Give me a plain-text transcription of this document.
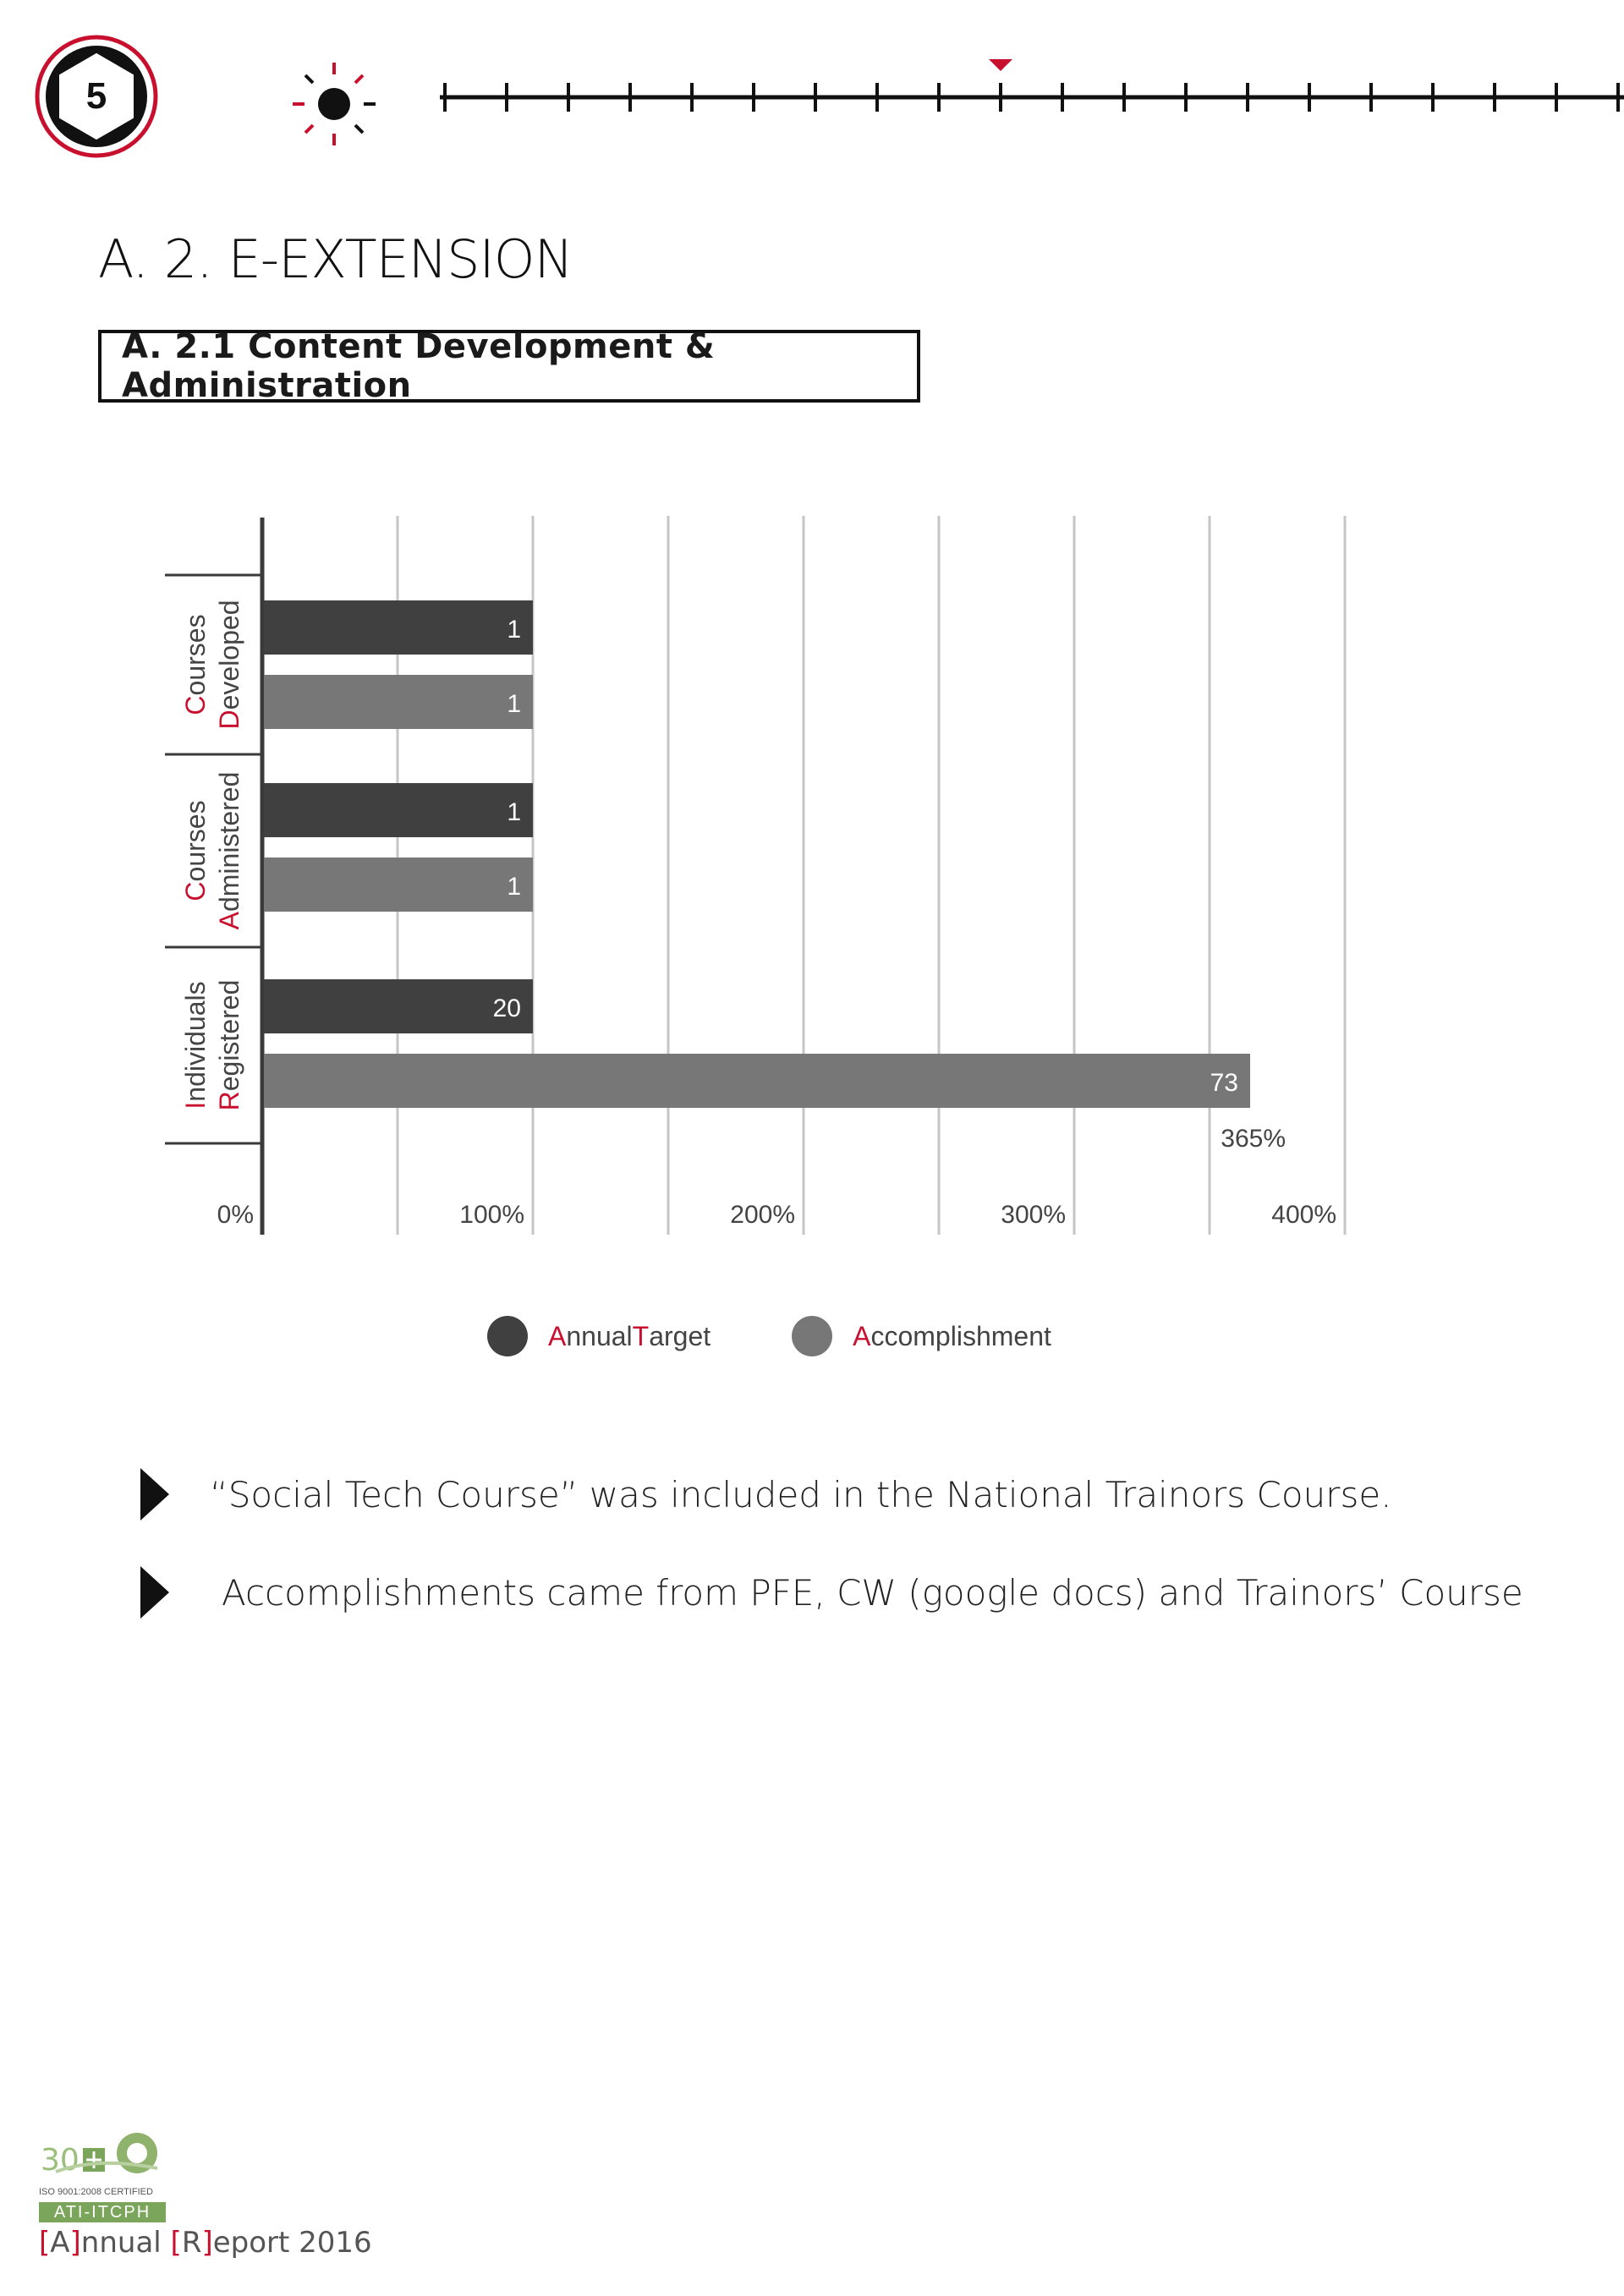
5
A. 2. E-EXTENSION
A. 2.1 Content Development & Administration
1
1
20
1
1
73
365%
Courses
Developed
Courses
Administered
Individuals Registered
0%	100%	200%	300%	400%
A nnual T arget	A ccomplishment
“Social Tech Course” was included in the National Trainors Course.
Accomplishments came from PFE, CW (google docs) and Trainors’ Course
30
ISO 9001:2008 CERTIFIED
ATI-ITCPH
[A]nnual [R]eport 2016
